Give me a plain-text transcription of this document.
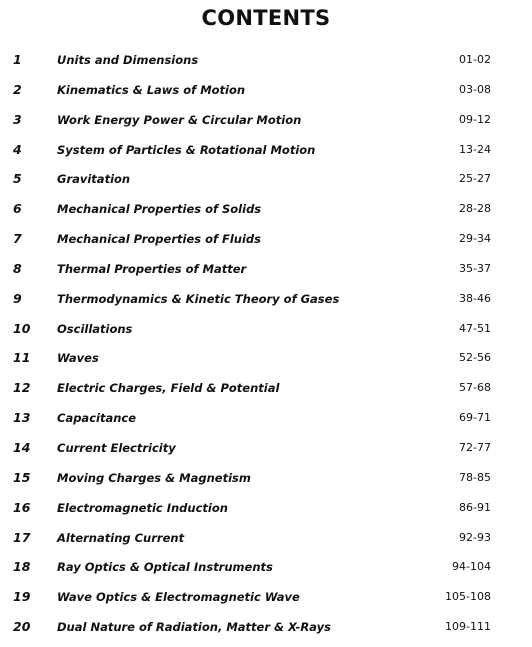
CONTENTS
1	Units and Dimensions	01-02
2	Kinematics & Laws of Motion	03-08
3	Work Energy Power & Circular Motion	09-12
4	System of Particles & Rotational Motion	13-24
5	Gravitation	25-27
6	Mechanical Properties of Solids	28-28
7	Mechanical Properties of Fluids	29-34
8	Thermal Properties of Matter	35-37
9	Thermodynamics & Kinetic Theory of Gases	38-46
10 Oscillations	47-51
11 Waves	52-56
12 Electric Charges, Field & Potential	57-68
13 Capacitance	69-71
14 Current Electricity	72-77
15 Moving Charges & Magnetism	78-85
16 Electromagnetic Induction	86-91
17 Alternating Current	92-93
18 Ray Optics & Optical Instruments	94-104
19 Wave Optics & Electromagnetic Wave	105-108
20 Dual Nature of Radiation, Matter & X-Rays	109-111
